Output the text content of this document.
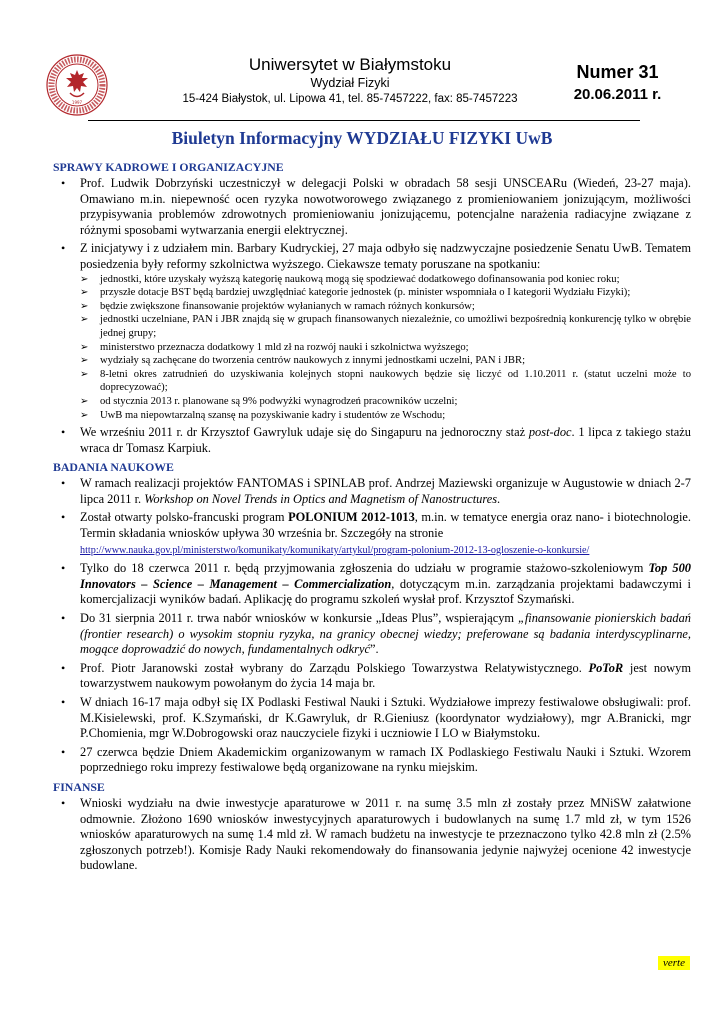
1997
Uniwersytet w Białymstoku
Wydział Fizyki
15-424 Białystok, ul. Lipowa 41, tel. 85-7457222, fax: 85-7457223
Numer 31
20.06.2011 r.
Biuletyn Informacyjny WYDZIAŁU FIZYKI UwB
SPRAWY KADROWE I ORGANIZACYJNE
• Prof. Ludwik Dobrzyński uczestniczył w delegacji Polski w obradach 58 sesji UNSCEARu (Wiedeń, 23-27 maja). Omawiano m.in. niepewność ocen ryzyka nowotworowego związanego z promieniowaniem jonizującym, możliwości przypisywania problemów zdrowotnych promieniowaniu jonizującemu, potencjalne narażenia radiacyjne związane z różnymi sposobami wytwarzania energii elektrycznej.
• Z inicjatywy i z udziałem min. Barbary Kudryckiej, 27 maja odbyło się nadzwyczajne posiedzenie Senatu UwB. Tematem posiedzenia były reformy szkolnictwa wyższego. Ciekawsze tematy poruszane na spotkaniu:
➢ jednostki, które uzyskały wyższą kategorię naukową mogą się spodziewać dodatkowego dofinansowania pod koniec roku;
➢ przyszłe dotacje BST będą bardziej uwzględniać kategorie jednostek (p. minister wspomniała o I kategorii Wydziału Fizyki);
➢ będzie zwiększone finansowanie projektów wyłanianych w ramach różnych konkursów;
➢ jednostki uczelniane, PAN i JBR znajdą się w grupach finansowanych niezależnie, co umożliwi bezpośrednią konkurencję tylko w obrębie jednej grupy;
➢ ministerstwo przeznacza dodatkowy 1 mld zł na rozwój nauki i szkolnictwa wyższego;
➢ wydziały są zachęcane do tworzenia centrów naukowych z innymi jednostkami uczelni, PAN i JBR;
➢ 8-letni okres zatrudnień do uzyskiwania kolejnych stopni naukowych będzie się liczyć od 1.10.2011 r. (statut uczelni może to doprecyzować);
➢ od stycznia 2013 r. planowane są 9% podwyżki wynagrodzeń pracowników uczelni;
➢ UwB ma niepowtarzalną szansę na pozyskiwanie kadry i studentów ze Wschodu;
• We wrześniu 2011 r. dr Krzysztof Gawryluk udaje się do Singapuru na jednoroczny staż post-doc. 1 lipca z takiego stażu wraca dr Tomasz Karpiuk.
BADANIA NAUKOWE
• W ramach realizacji projektów FANTOMAS i SPINLAB prof. Andrzej Maziewski organizuje w Augustowie w dniach 2-7 lipca 2011 r. Workshop on Novel Trends in Optics and Magnetism of Nanostructures.
• Został otwarty polsko-francuski program POLONIUM 2012-1013, m.in. w tematyce energia oraz nano- i biotechnologie. Termin składania wniosków upływa 30 września br. Szczegóły na stronie
http://www.nauka.gov.pl/ministerstwo/komunikaty/komunikaty/artykul/program-polonium-2012-13-ogloszenie-o-konkursie/
• Tylko do 18 czerwca 2011 r. będą przyjmowania zgłoszenia do udziału w programie stażowo-szkoleniowym Top 500 Innovators – Science – Management – Commercialization, dotyczącym m.in. zarządzania projektami badawczymi i komercjalizacji wyników badań. Aplikację do programu szkoleń wysłał prof. Krzysztof Szymański.
• Do 31 sierpnia 2011 r. trwa nabór wniosków w konkursie „Ideas Plus”, wspierającym „finansowanie pionierskich badań (frontier research) o wysokim stopniu ryzyka, na granicy obecnej wiedzy; preferowane są badania interdyscyplinarne, mogące doprowadzić do nowych, fundamentalnych odkryć”.
• Prof. Piotr Jaranowski został wybrany do Zarządu Polskiego Towarzystwa Relatywistycznego. PoToR jest nowym towarzystwem naukowym powołanym do życia 14 maja br.
• W dniach 16-17 maja odbył się IX Podlaski Festiwal Nauki i Sztuki. Wydziałowe imprezy festiwalowe obsługiwali: prof. M.Kisielewski, prof. K.Szymański, dr K.Gawryluk, dr R.Gieniusz (koordynator wydziałowy), mgr A.Branicki, mgr P.Chomienia, mgr W.Dobrogowski oraz nauczyciele fizyki i uczniowie I LO w Białymstoku.
• 27 czerwca będzie Dniem Akademickim organizowanym w ramach IX Podlaskiego Festiwalu Nauki i Sztuki. Wzorem poprzedniego roku imprezy festiwalowe będą organizowane na rynku miejskim.
FINANSE
• Wnioski wydziału na dwie inwestycje aparaturowe w 2011 r. na sumę 3.5 mln zł zostały przez MNiSW załatwione odmownie. Złożono 1690 wniosków inwestycyjnych aparaturowych i budowlanych na sumę 1.7 mld zł, w tym 1526 wniosków aparaturowych na sumę 1.4 mld zł. W ramach budżetu na inwestycje te przeznaczono tylko 42.8 mln zł (2.5% zgłoszonych potrzeb!). Komisje Rady Nauki rekomendowały do finansowania jedynie najwyżej ocenione 42 inwestycje budowlane.
verte
